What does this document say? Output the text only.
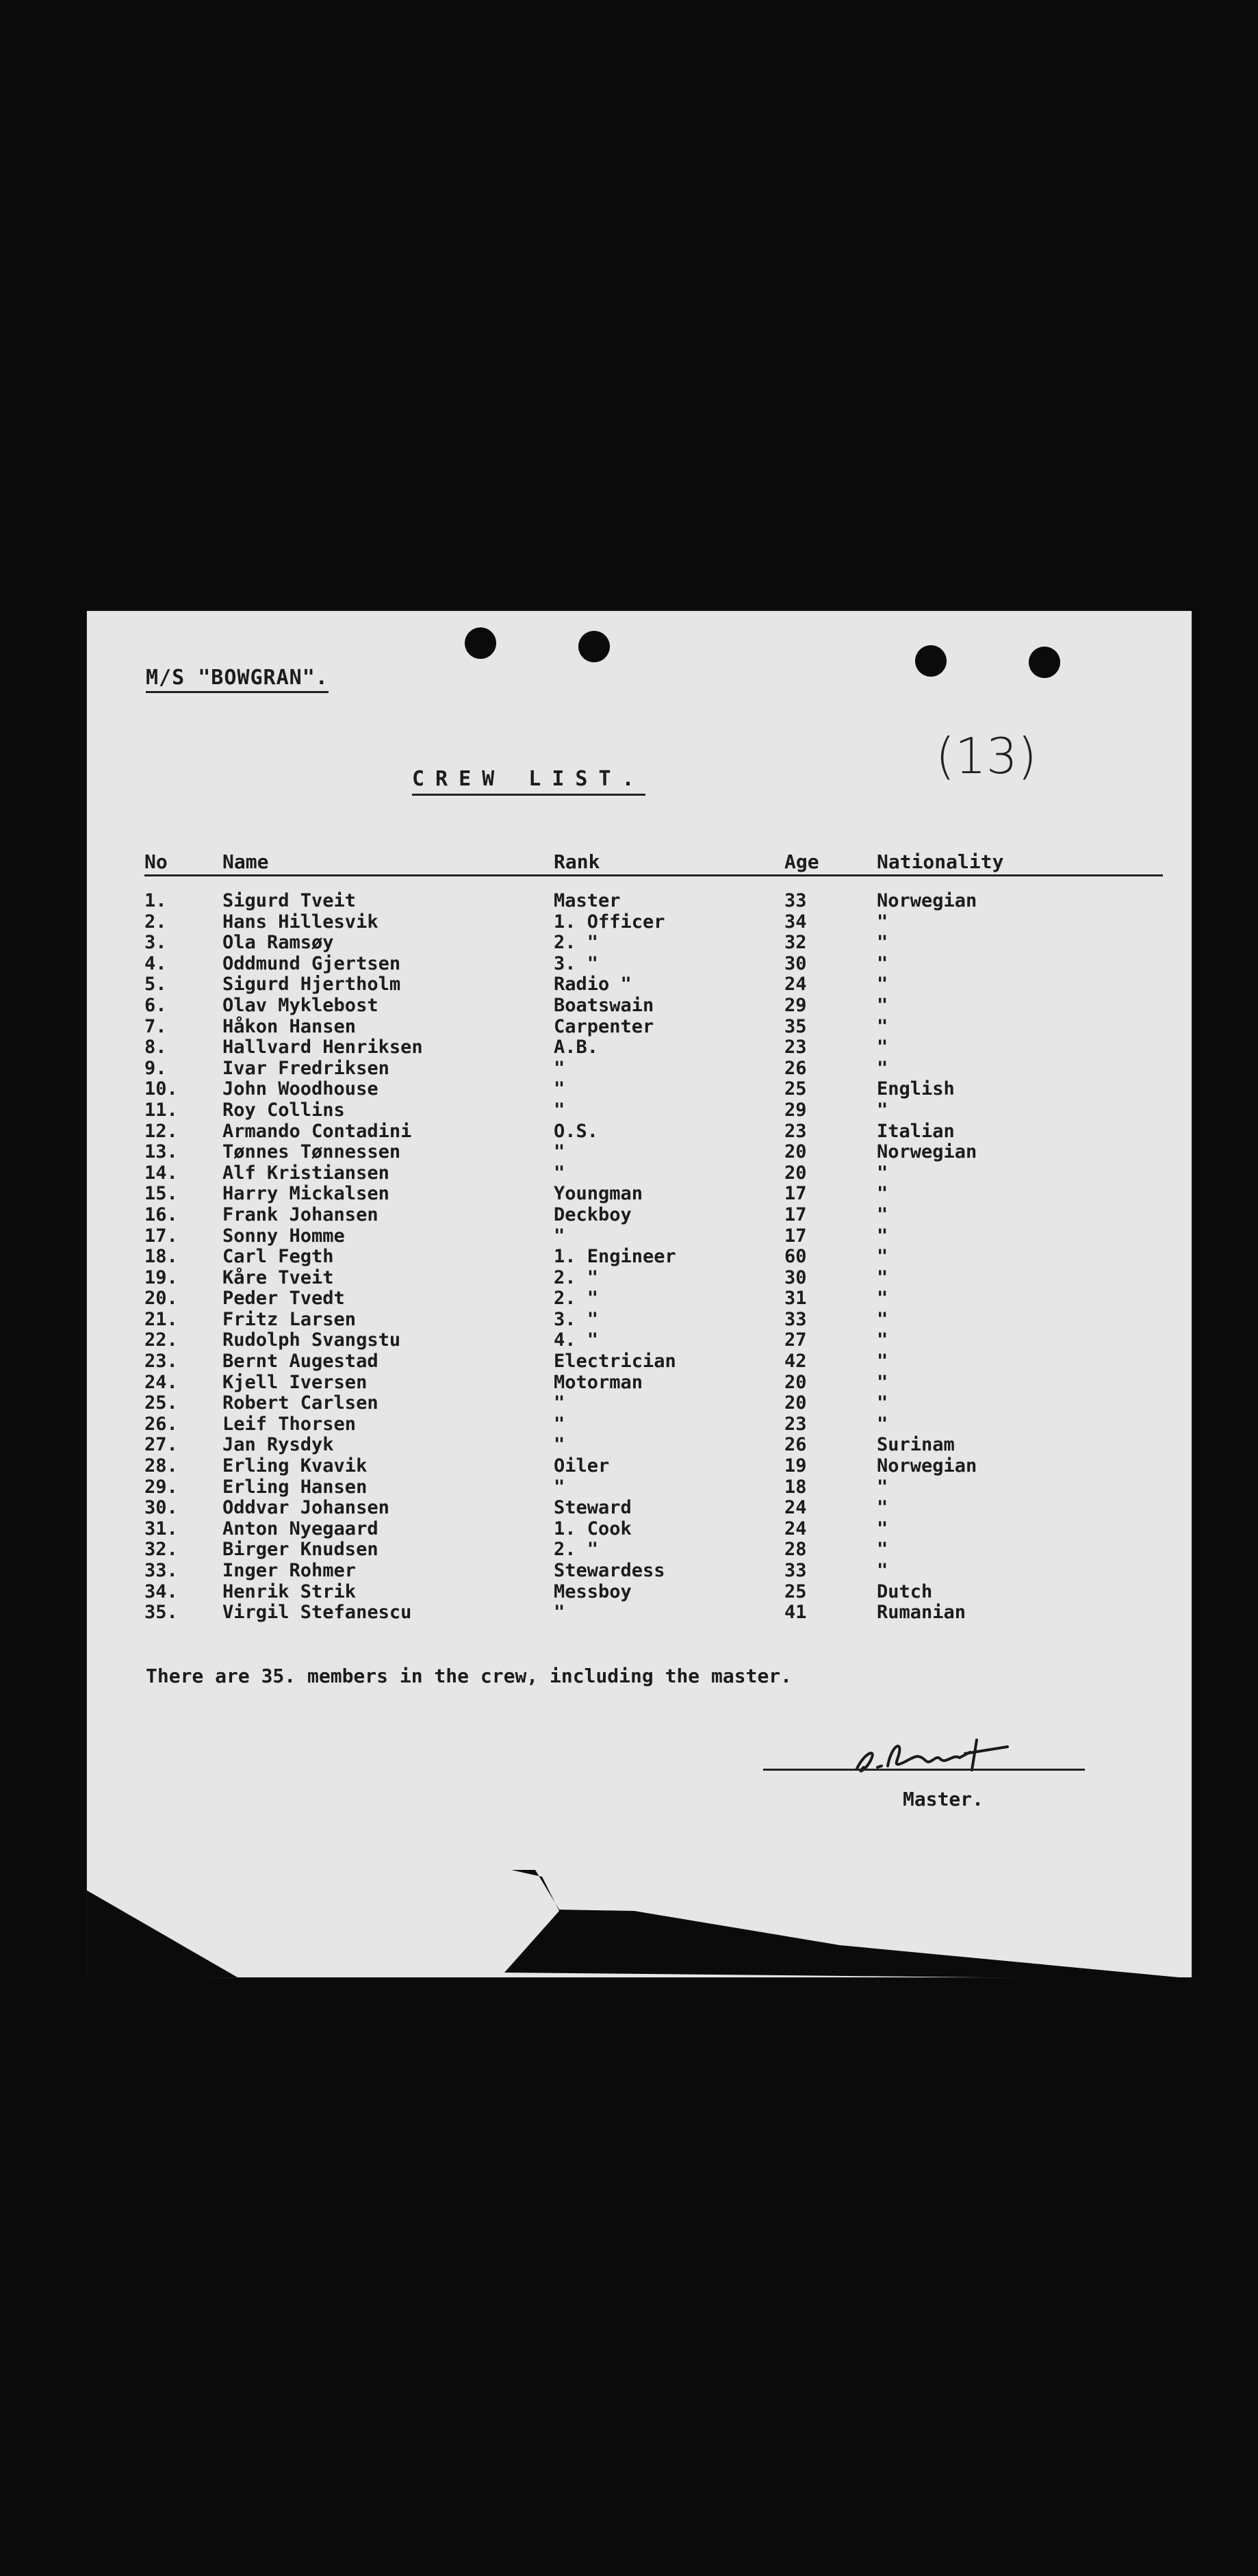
M/S "BOWGRAN".
(13)
CREW LIST.
No	Name	Rank	Age	Nationality
1.	Sigurd Tveit	Master	33	Norwegian
2.	Hans Hillesvik	1. Officer	34	"
3.	Ola Ramsøy	2. "	32	"
4.	Oddmund Gjertsen	3. "	30	"
5.	Sigurd Hjertholm	Radio "	24	"
6.	Olav Myklebost	Boatswain	29	"
7.	Håkon Hansen	Carpenter	35	"
8.	Hallvard Henriksen	A.B.	23	"
9.	Ivar Fredriksen	"	26	"
10. John Woodhouse	"	25	English
11. Roy Collins	"	29	"
12. Armando Contadini	O.S.	23	Italian
13. Tønnes Tønnessen	"	20	Norwegian
14. Alf Kristiansen	"	20	"
15. Harry Mickalsen	Youngman	17	"
16. Frank Johansen	Deckboy	17	"
17. Sonny Homme	"	17	"
18. Carl Fegth	1. Engineer	60	"
19. Kåre Tveit	2. "	30	"
20. Peder Tvedt	2. "	31	"
21. Fritz Larsen	3. "	33	"
22. Rudolph Svangstu	4. "	27	"
23. Bernt Augestad	Electrician	42	"
24. Kjell Iversen	Motorman	20	"
25. Robert Carlsen	"	20	"
26. Leif Thorsen	"	23	"
27. Jan Rysdyk	"	26	Surinam
28. Erling Kvavik	Oiler	19	Norwegian
29. Erling Hansen	"	18	"
30. Oddvar Johansen	Steward	24	"
31. Anton Nyegaard	1. Cook	24	"
32. Birger Knudsen	2. "	28	"
33. Inger Rohmer	Stewardess	33	"
34. Henrik Strik	Messboy	25	Dutch
35. Virgil Stefanescu	"	41	Rumanian
There are 35. members in the crew, including the master.
Master.
